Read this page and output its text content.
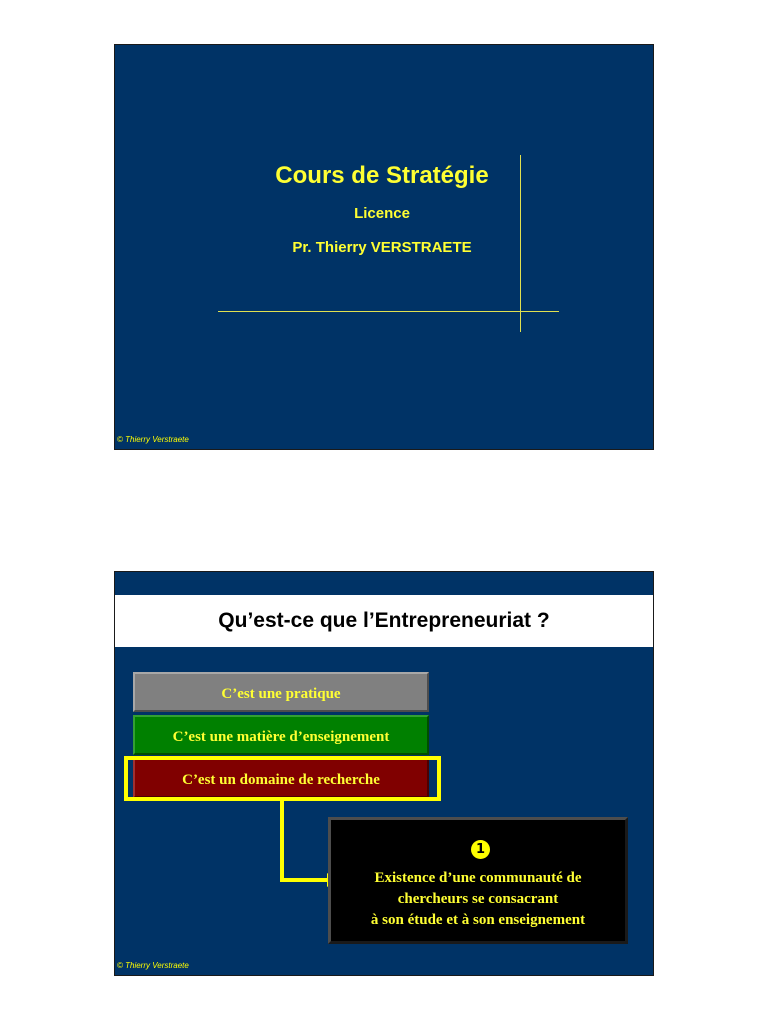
Cours de Stratégie
Licence
Pr. Thierry VERSTRAETE
© Thierry Verstraete
Qu’est-ce que l’Entrepreneuriat ?
C’est une pratique
C’est une matière d’enseignement
C’est un domaine de recherche
1
Existence d’une communauté de
chercheurs se consacrant
à son étude et à son enseignement
© Thierry Verstraete
